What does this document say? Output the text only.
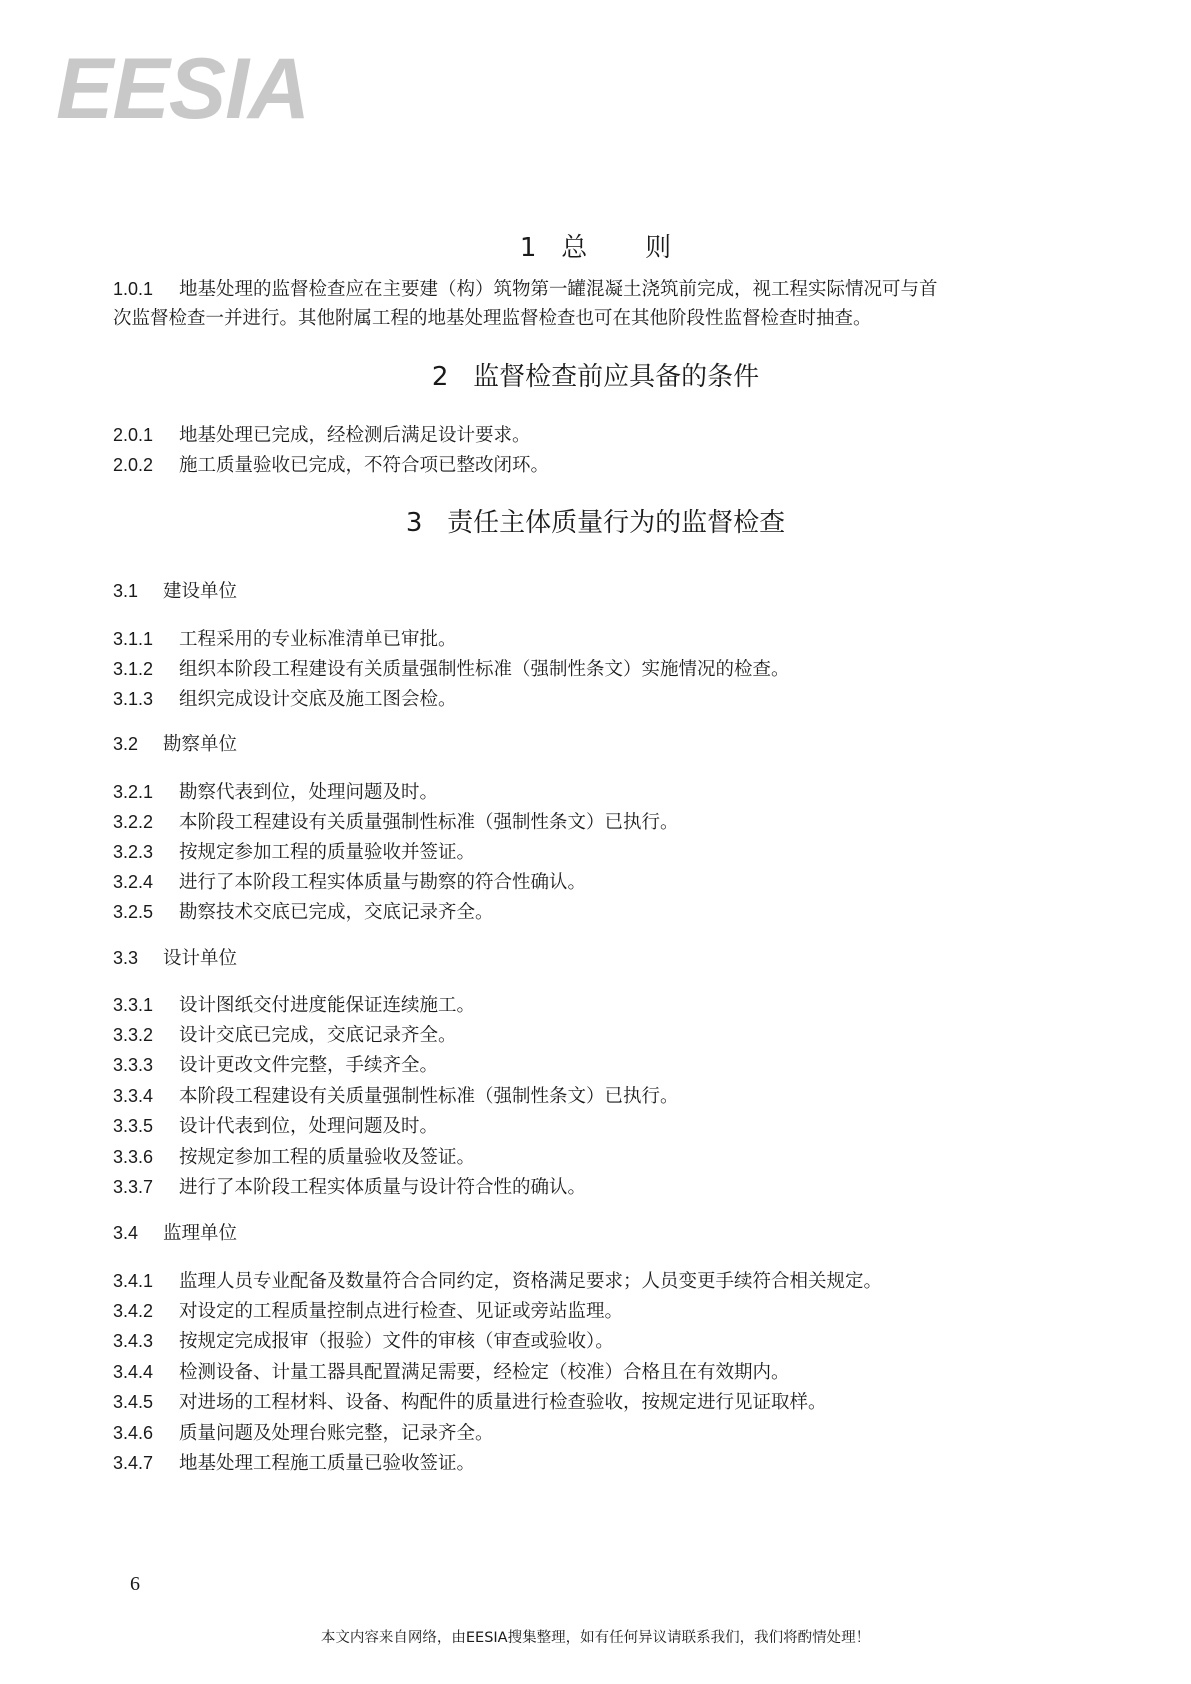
EESIA
1   总       则
1.0.1 地基处理的监督检查应在主要建（构）筑物第一罐混凝土浇筑前完成，视工程实际情况可与首
次监督检查一并进行。其他附属工程的地基处理监督检查也可在其他阶段性监督检查时抽查。
2   监督检查前应具备的条件
2.0.1 地基处理已完成，经检测后满足设计要求。
2.0.2 施工质量验收已完成，不符合项已整改闭环。
3   责任主体质量行为的监督检查
3.1 建设单位
3.1.1 工程采用的专业标准清单已审批。
3.1.2 组织本阶段工程建设有关质量强制性标准（强制性条文）实施情况的检查。
3.1.3 组织完成设计交底及施工图会检。
3.2 勘察单位
3.2.1 勘察代表到位，处理问题及时。
3.2.2 本阶段工程建设有关质量强制性标准（强制性条文）已执行。
3.2.3 按规定参加工程的质量验收并签证。
3.2.4 进行了本阶段工程实体质量与勘察的符合性确认。
3.2.5 勘察技术交底已完成，交底记录齐全。
3.3 设计单位
3.3.1 设计图纸交付进度能保证连续施工。
3.3.2 设计交底已完成，交底记录齐全。
3.3.3 设计更改文件完整，手续齐全。
3.3.4 本阶段工程建设有关质量强制性标准（强制性条文）已执行。
3.3.5 设计代表到位，处理问题及时。
3.3.6 按规定参加工程的质量验收及签证。
3.3.7 进行了本阶段工程实体质量与设计符合性的确认。
3.4 监理单位
3.4.1 监理人员专业配备及数量符合合同约定，资格满足要求；人员变更手续符合相关规定。
3.4.2 对设定的工程质量控制点进行检查、见证或旁站监理。
3.4.3 按规定完成报审（报验）文件的审核（审查或验收）。
3.4.4 检测设备、计量工器具配置满足需要，经检定（校准）合格且在有效期内。
3.4.5 对进场的工程材料、设备、构配件的质量进行检查验收，按规定进行见证取样。
3.4.6 质量问题及处理台账完整，记录齐全。
3.4.7 地基处理工程施工质量已验收签证。
6
本文内容来自网络，由EESIA搜集整理，如有任何异议请联系我们，我们将酌情处理！
